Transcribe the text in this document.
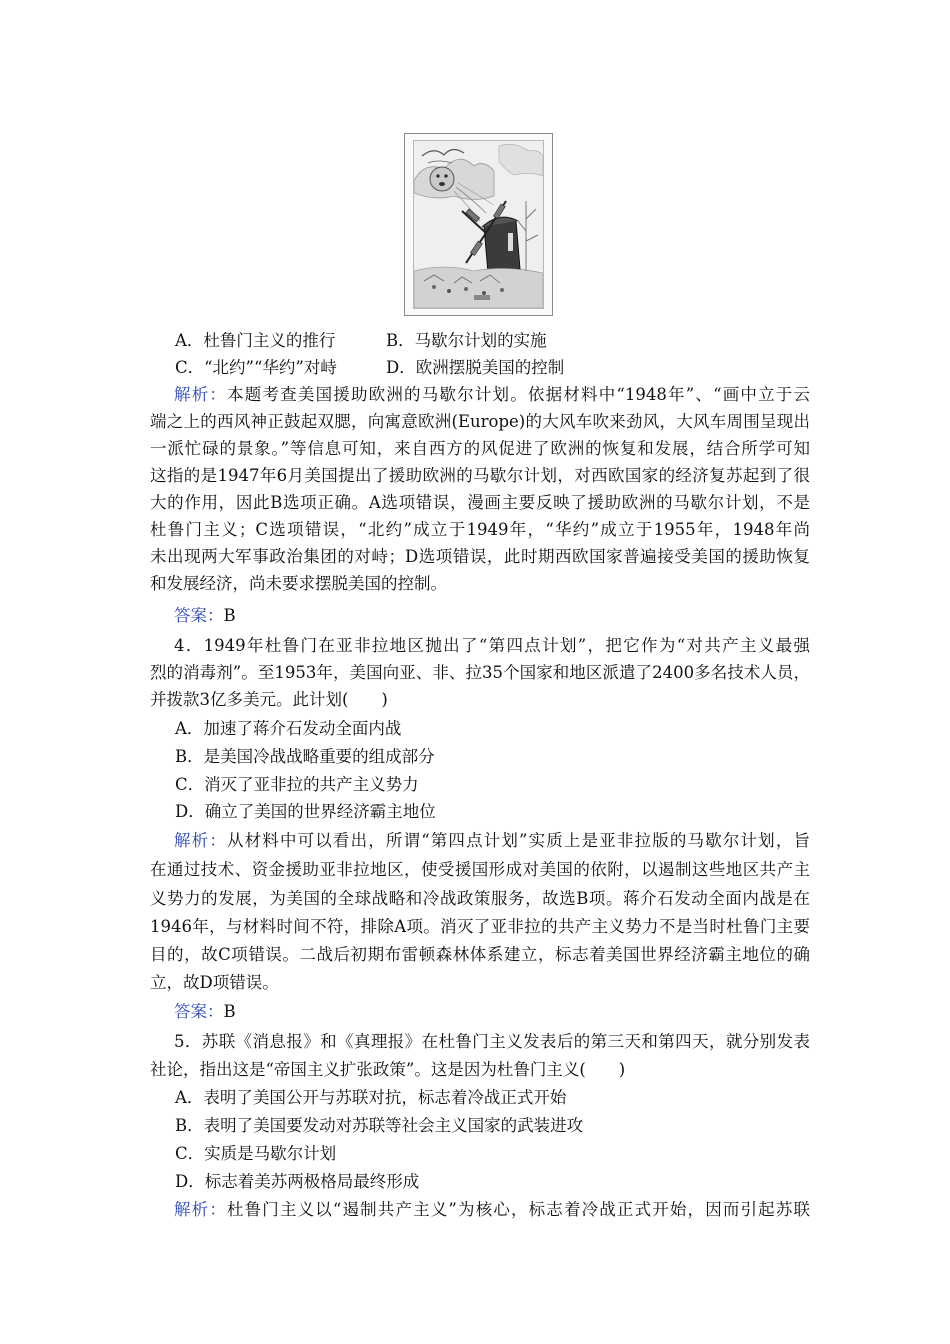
A．杜鲁门主义的推行	B．马歇尔计划的实施
C．“北约”“华约”对峙	D．欧洲摆脱美国的控制
解析：本题考查美国援助欧洲的马歇尔计划。依据材料中“1948年”、“画中立于云
端之上的西风神正鼓起双腮，向寓意欧洲(Europe)的大风车吹来劲风，大风车周围呈现出
一派忙碌的景象。”等信息可知，来自西方的风促进了欧洲的恢复和发展，结合所学可知
这指的是1947年6月美国提出了援助欧洲的马歇尔计划，对西欧国家的经济复苏起到了很
大的作用，因此B选项正确。A选项错误，漫画主要反映了援助欧洲的马歇尔计划，不是
杜鲁门主义；C选项错误，“北约”成立于1949年，“华约”成立于1955年，1948年尚
未出现两大军事政治集团的对峙；D选项错误，此时期西欧国家普遍接受美国的援助恢复
和发展经济，尚未要求摆脱美国的控制。
答案：B
4．1949年杜鲁门在亚非拉地区抛出了“第四点计划”，把它作为“对共产主义最强
烈的消毒剂”。至1953年，美国向亚、非、拉35个国家和地区派遣了2400多名技术人员，
并拨款3亿多美元。此计划(　　)
A．加速了蒋介石发动全面内战
B．是美国冷战战略重要的组成部分
C．消灭了亚非拉的共产主义势力
D．确立了美国的世界经济霸主地位
解析：从材料中可以看出，所谓“第四点计划”实质上是亚非拉版的马歇尔计划，旨
在通过技术、资金援助亚非拉地区，使受援国形成对美国的依附，以遏制这些地区共产主
义势力的发展，为美国的全球战略和冷战政策服务，故选B项。蒋介石发动全面内战是在
1946年，与材料时间不符，排除A项。消灭了亚非拉的共产主义势力不是当时杜鲁门主要
目的，故C项错误。二战后初期布雷顿森林体系建立，标志着美国世界经济霸主地位的确
立，故D项错误。
答案：B
5．苏联《消息报》和《真理报》在杜鲁门主义发表后的第三天和第四天，就分别发表
社论，指出这是“帝国主义扩张政策”。这是因为杜鲁门主义(　　)
A．表明了美国公开与苏联对抗，标志着冷战正式开始
B．表明了美国要发动对苏联等社会主义国家的武装进攻
C．实质是马歇尔计划
D．标志着美苏两极格局最终形成
解析：杜鲁门主义以“遏制共产主义”为核心，标志着冷战正式开始，因而引起苏联
